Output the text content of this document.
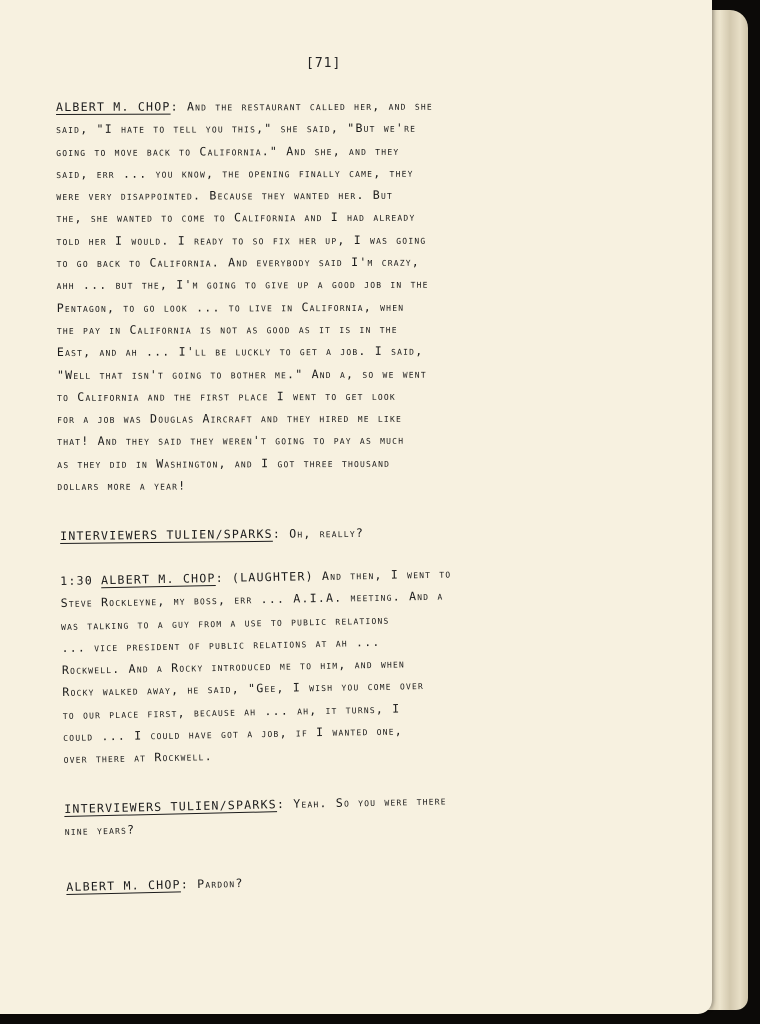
[71]
ALBERT M. CHOP: And the restaurant called her, and she
said, "I hate to tell you this," she said, "But we're
going to move back to California." And she, and they
said, err ... you know, the opening finally came, they
were very disappointed. Because they wanted her. But
the, she wanted to come to California and I had already
told her I would. I ready to so fix her up, I was going
to go back to California. And everybody said I'm crazy,
ahh ... but the, I'm going to give up a good job in the
Pentagon, to go look ... to live in California, when
the pay in California is not as good as it is in the
East, and ah ... I'll be luckly to get a job. I said,
"Well that isn't going to bother me." And a, so we went
to California and the first place I went to get look
for a job was Douglas Aircraft and they hired me like
that! And they said they weren't going to pay as much
as they did in Washington, and I got three thousand
dollars more a year!
INTERVIEWERS TULIEN/SPARKS: Oh, really?
1:30 ALBERT M. CHOP: (LAUGHTER) And then, I went to
Steve Rockleyne, my boss, err ... A.I.A. meeting. And a
was talking to a guy from a use to public relations
... vice president of public relations at ah ...
Rockwell. And a Rocky introduced me to him, and when
Rocky walked away, he said, "Gee, I wish you come over
to our place first, because ah ... ah, it turns, I
could ... I could have got a job, if I wanted one,
over there at Rockwell.
INTERVIEWERS TULIEN/SPARKS: Yeah. So you were there
nine years?
ALBERT M. CHOP: Pardon?
